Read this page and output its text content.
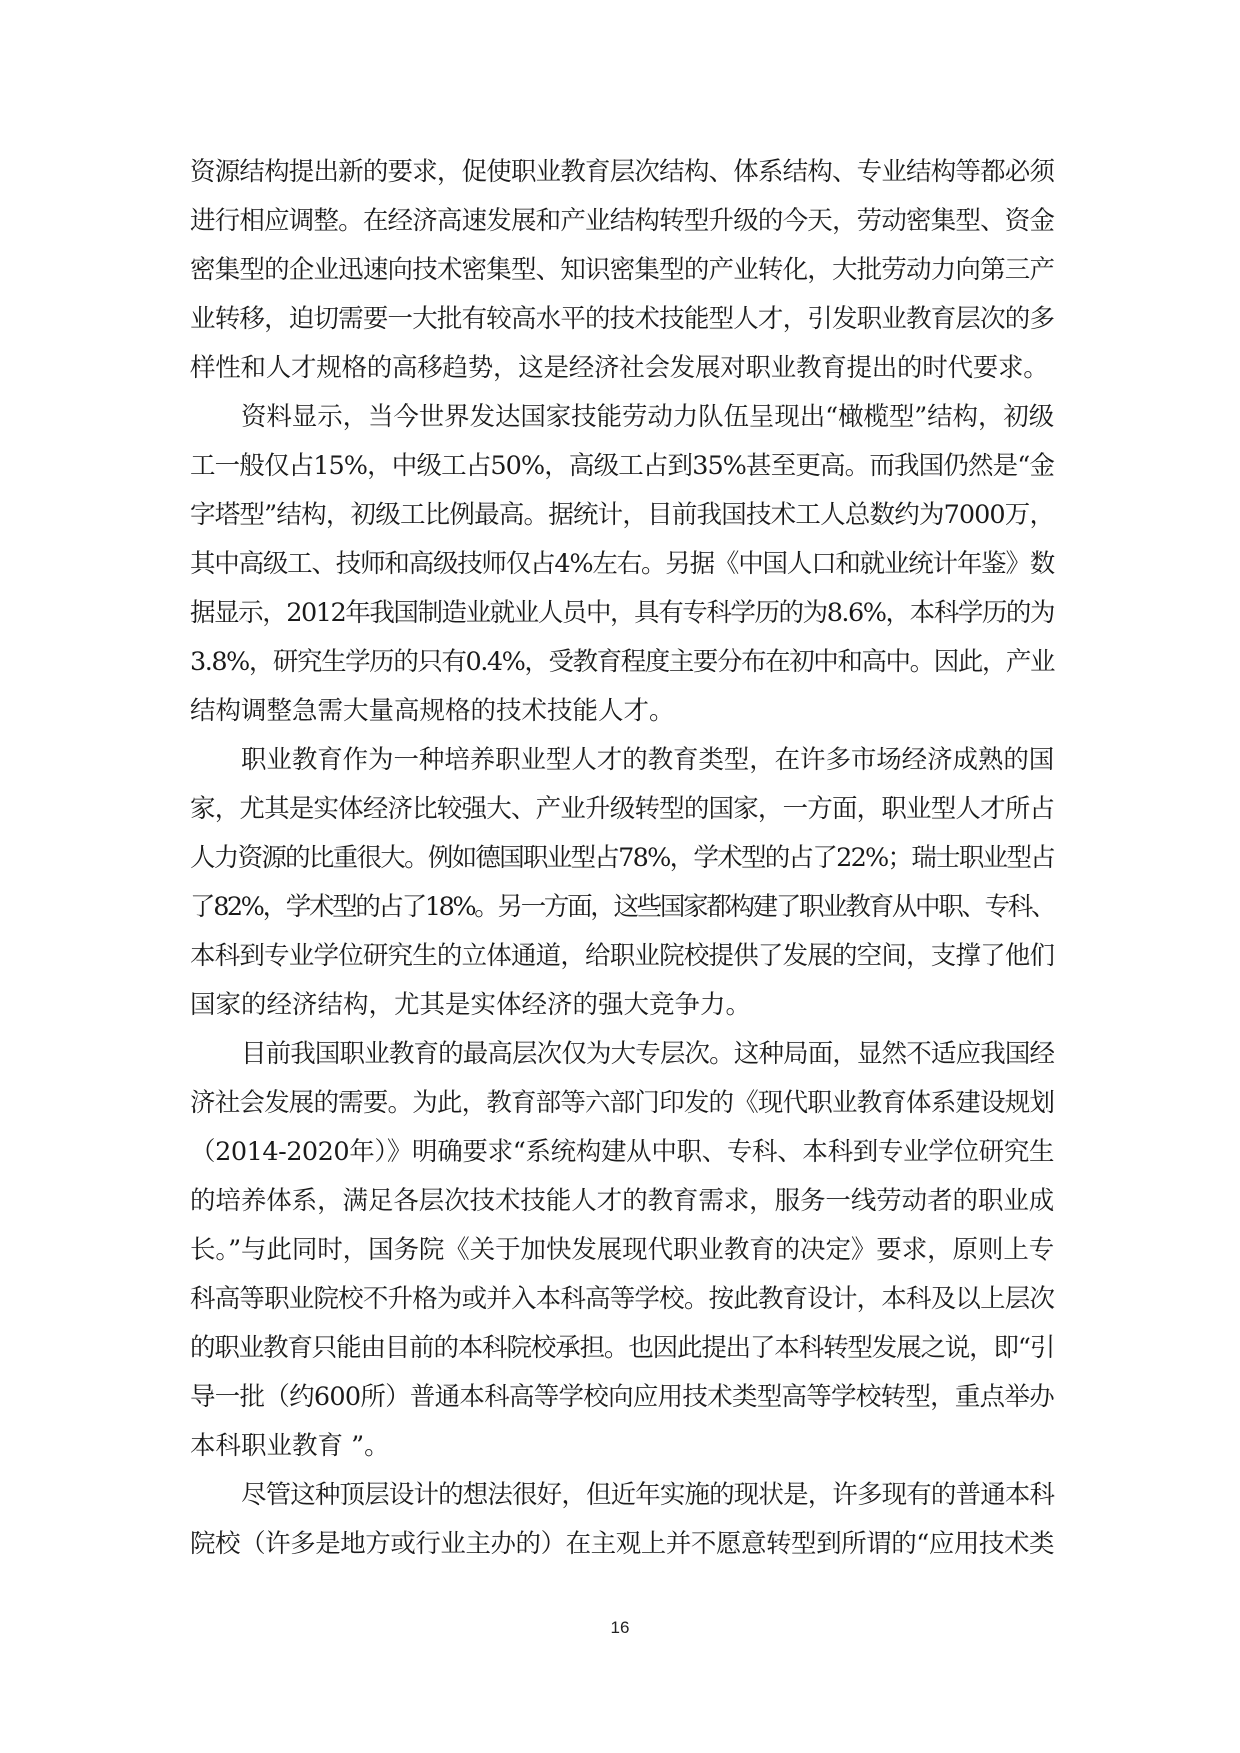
资源结构提出新的要求，促使职业教育层次结构、体系结构、专业结构等都必须
进行相应调整。在经济高速发展和产业结构转型升级的今天，劳动密集型、资金
密集型的企业迅速向技术密集型、知识密集型的产业转化，大批劳动力向第三产
业转移，迫切需要一大批有较高水平的技术技能型人才，引发职业教育层次的多
样性和人才规格的高移趋势，这是经济社会发展对职业教育提出的时代要求。
资料显示，当今世界发达国家技能劳动力队伍呈现出“橄榄型”结构，初级
工一般仅占15%，中级工占50%，高级工占到35%甚至更高。而我国仍然是“金
字塔型”结构，初级工比例最高。据统计，目前我国技术工人总数约为7000万，
其中高级工、技师和高级技师仅占4%左右。另据《中国人口和就业统计年鉴》数
据显示，2012年我国制造业就业人员中，具有专科学历的为8.6%，本科学历的为
3.8%，研究生学历的只有0.4%，受教育程度主要分布在初中和高中。因此，产业
结构调整急需大量高规格的技术技能人才。
职业教育作为一种培养职业型人才的教育类型，在许多市场经济成熟的国
家，尤其是实体经济比较强大、产业升级转型的国家，一方面，职业型人才所占
人力资源的比重很大。例如德国职业型占78%，学术型的占了22%；瑞士职业型占
了82%，学术型的占了18%。另一方面，这些国家都构建了职业教育从中职、专科、
本科到专业学位研究生的立体通道，给职业院校提供了发展的空间，支撑了他们
国家的经济结构，尤其是实体经济的强大竞争力。
目前我国职业教育的最高层次仅为大专层次。这种局面，显然不适应我国经
济社会发展的需要。为此，教育部等六部门印发的《现代职业教育体系建设规划
（2014-2020年）》明确要求“系统构建从中职、专科、本科到专业学位研究生
的培养体系，满足各层次技术技能人才的教育需求，服务一线劳动者的职业成
长。”与此同时，国务院《关于加快发展现代职业教育的决定》要求，原则上专
科高等职业院校不升格为或并入本科高等学校。按此教育设计，本科及以上层次
的职业教育只能由目前的本科院校承担。也因此提出了本科转型发展之说，即“引
导一批（约600所）普通本科高等学校向应用技术类型高等学校转型，重点举办
本科职业教育 ”。
尽管这种顶层设计的想法很好，但近年实施的现状是，许多现有的普通本科
院校（许多是地方或行业主办的）在主观上并不愿意转型到所谓的“应用技术类
16
